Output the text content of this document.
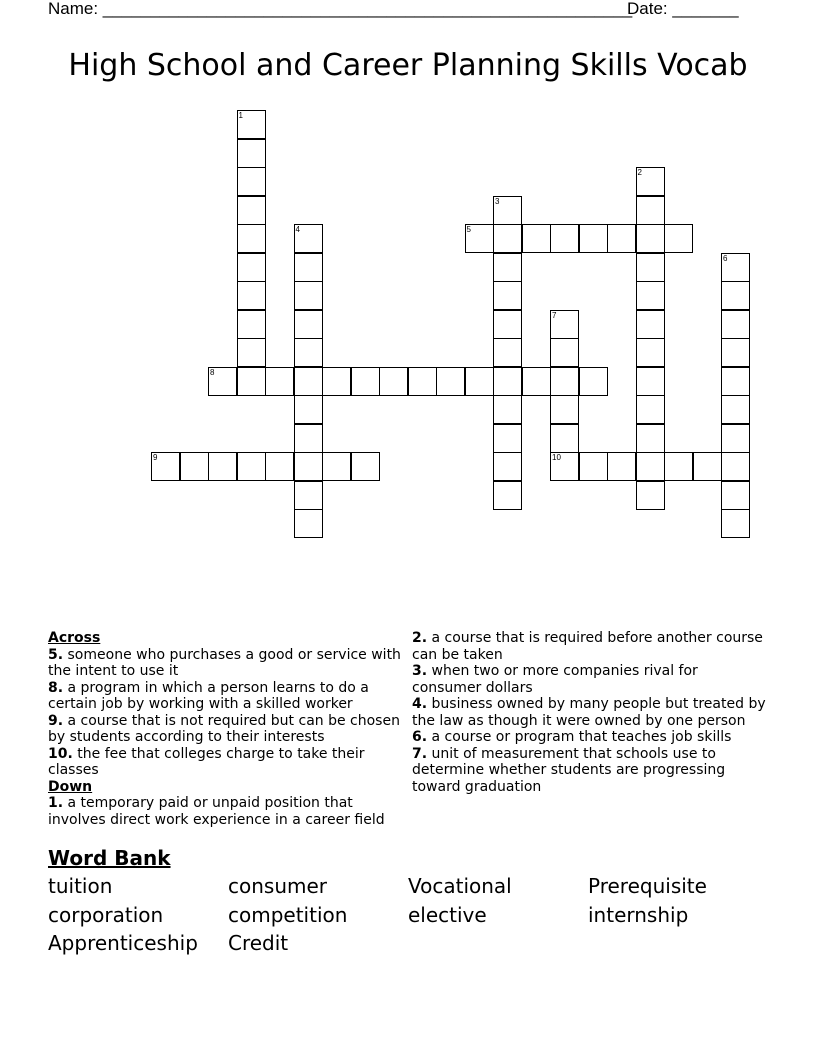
Name: ________________________________________________________
Date: _______
High School and Career Planning Skills Vocab
1
2
3
4	5
6
7
10
8
9
Across
5. someone who purchases a good or service with the intent to use it
8. a program in which a person learns to do a certain job by working with a skilled worker
9. a course that is not required but can be chosen by students according to their interests
10. the fee that colleges charge to take their classes
Down
1. a temporary paid or unpaid position that involves direct work experience in a career field
2. a course that is required before another course can be taken
3. when two or more companies rival for consumer dollars
4. business owned by many people but treated by the law as though it were owned by one person
6. a course or program that teaches job skills
7. unit of measurement that schools use to determine whether students are progressing toward graduation
Word Bank
tuition	consumer	Vocational	Prerequisite
corporation	competition	elective	internship
Apprenticeship	Credit
